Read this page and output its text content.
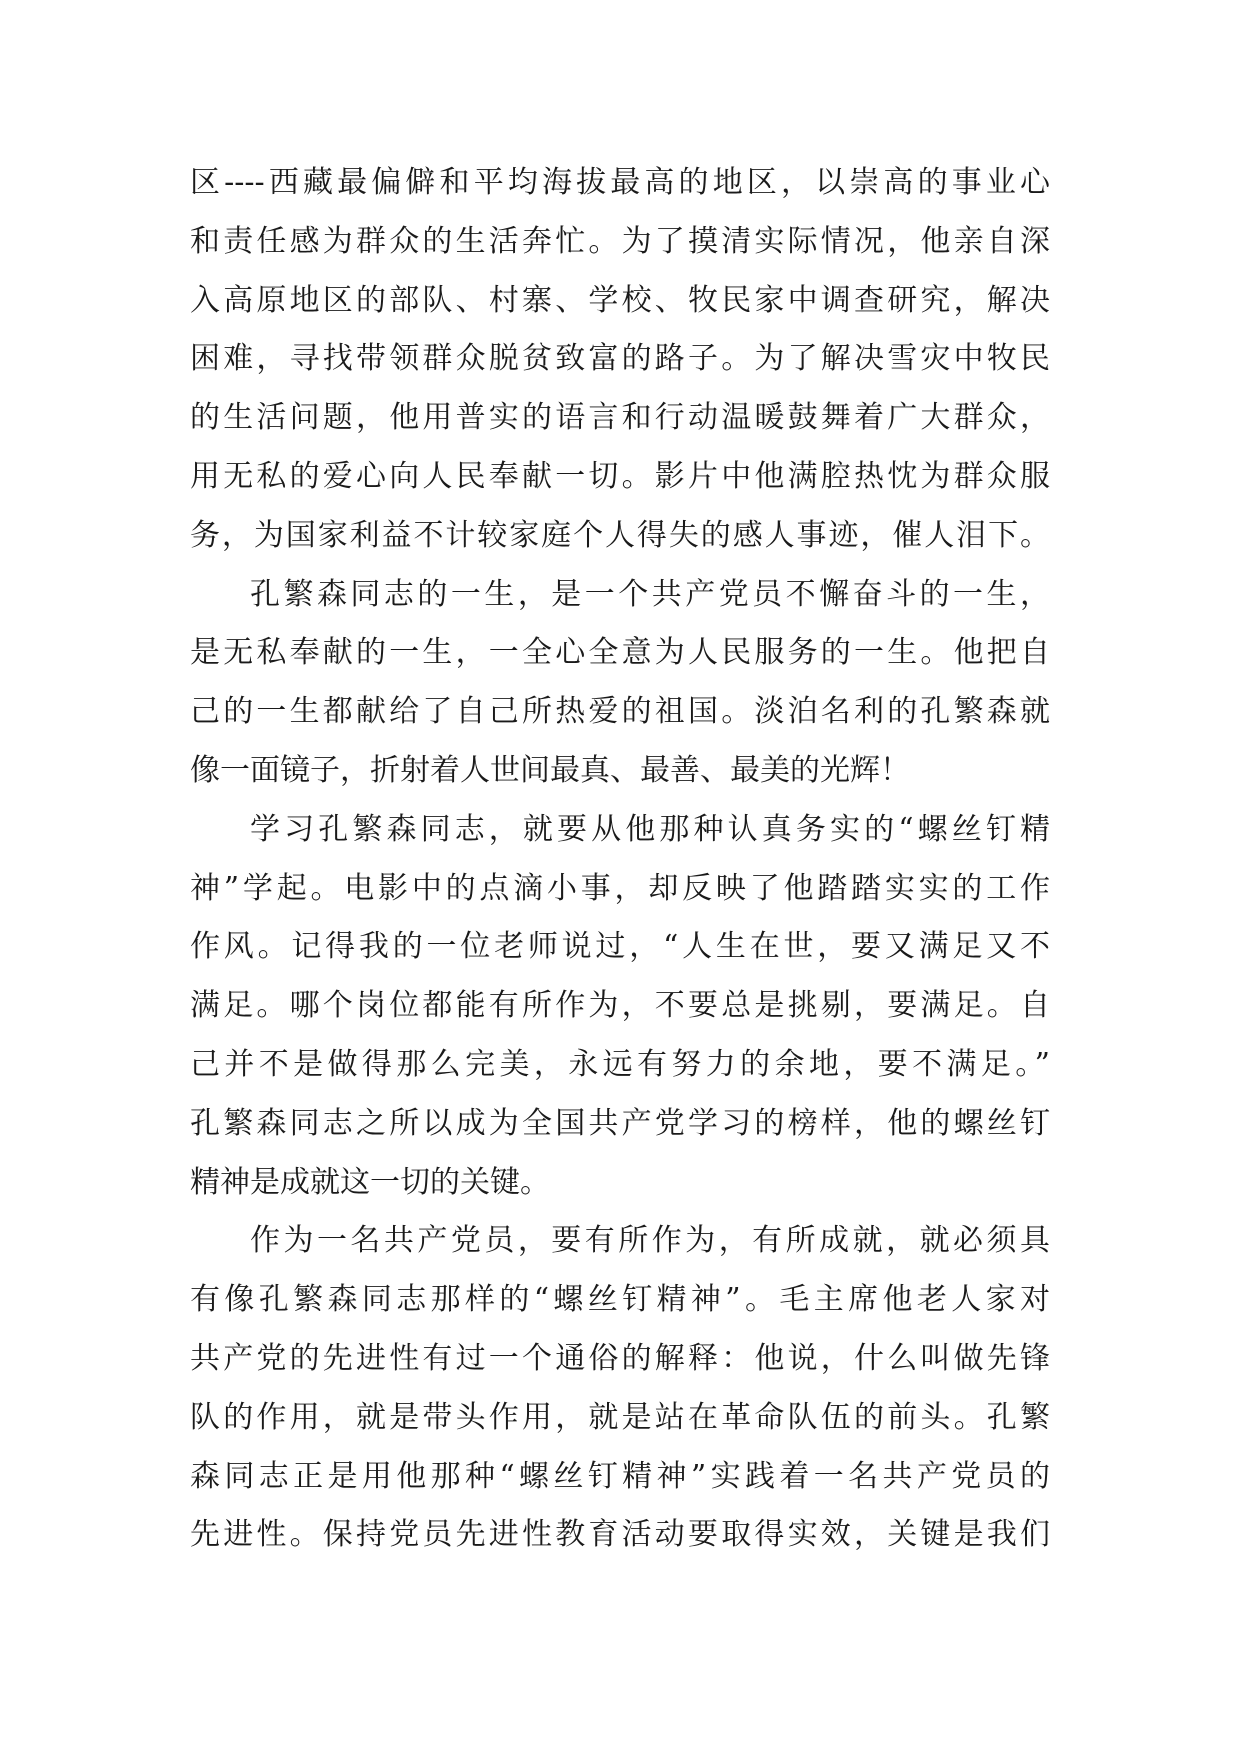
区----西藏最偏僻和平均海拔最高的地区，以崇高的事业心
和责任感为群众的生活奔忙。为了摸清实际情况，他亲自深
入高原地区的部队、村寨、学校、牧民家中调查研究，解决
困难，寻找带领群众脱贫致富的路子。为了解决雪灾中牧民
的生活问题，他用普实的语言和行动温暖鼓舞着广大群众，
用无私的爱心向人民奉献一切。影片中他满腔热忱为群众服
务，为国家利益不计较家庭个人得失的感人事迹，催人泪下。
孔繁森同志的一生，是一个共产党员不懈奋斗的一生，
是无私奉献的一生，一全心全意为人民服务的一生。他把自
己的一生都献给了自己所热爱的祖国。淡泊名利的孔繁森就
像一面镜子，折射着人世间最真、最善、最美的光辉！
学习孔繁森同志，就要从他那种认真务实的“螺丝钉精
神”学起。电影中的点滴小事，却反映了他踏踏实实的工作
作风。记得我的一位老师说过，“人生在世，要又满足又不
满足。哪个岗位都能有所作为，不要总是挑剔，要满足。自
己并不是做得那么完美，永远有努力的余地，要不满足。”
孔繁森同志之所以成为全国共产党学习的榜样，他的螺丝钉
精神是成就这一切的关键。
作为一名共产党员，要有所作为，有所成就，就必须具
有像孔繁森同志那样的“螺丝钉精神”。毛主席他老人家对
共产党的先进性有过一个通俗的解释：他说，什么叫做先锋
队的作用，就是带头作用，就是站在革命队伍的前头。孔繁
森同志正是用他那种“螺丝钉精神”实践着一名共产党员的
先进性。保持党员先进性教育活动要取得实效，关键是我们
